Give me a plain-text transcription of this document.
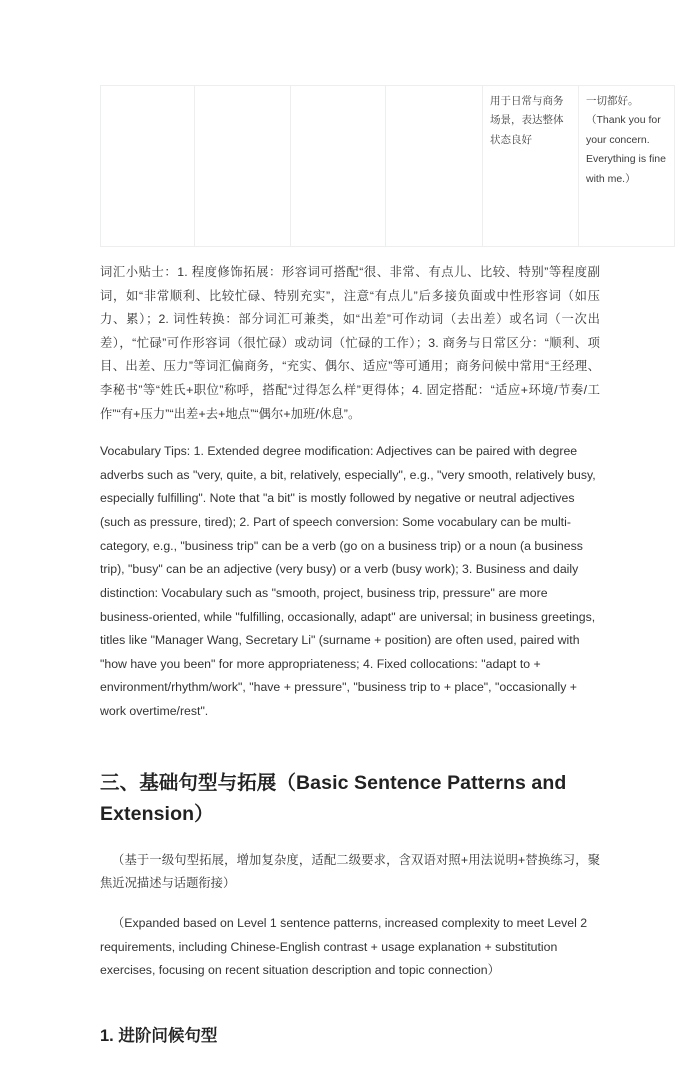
				用于日常与商务场景，表达整体状态良好	一切都好。（Thank you for your concern. Everything is fine with me.）

词汇小贴士：1. 程度修饰拓展：形容词可搭配“很、非常、有点儿、比较、特别”等程度副词，如“非常顺利、比较忙碌、特别充实”，注意“有点儿”后多接负面或中性形容词（如压力、累）；2. 词性转换：部分词汇可兼类，如“出差”可作动词（去出差）或名词（一次出差），“忙碌”可作形容词（很忙碌）或动词（忙碌的工作）；3. 商务与日常区分：“顺利、项目、出差、压力”等词汇偏商务，“充实、偶尔、适应”等可通用；商务问候中常用“王经理、李秘书”等“姓氏+职位”称呼，搭配“过得怎么样”更得体；4. 固定搭配：“适应+环境/节奏/工作”“有+压力”“出差+去+地点”“偶尔+加班/休息”。

Vocabulary Tips: 1. Extended degree modification: Adjectives can be paired with degree adverbs such as "very, quite, a bit, relatively, especially", e.g., "very smooth, relatively busy, especially fulfilling". Note that "a bit" is mostly followed by negative or neutral adjectives (such as pressure, tired); 2. Part of speech conversion: Some vocabulary can be multi-category, e.g., "business trip" can be a verb (go on a business trip) or a noun (a business trip), "busy" can be an adjective (very busy) or a verb (busy work); 3. Business and daily distinction: Vocabulary such as "smooth, project, business trip, pressure" are more business-oriented, while "fulfilling, occasionally, adapt" are universal; in business greetings, titles like "Manager Wang, Secretary Li" (surname + position) are often used, paired with "how have you been" for more appropriateness; 4. Fixed collocations: "adapt to + environment/rhythm/work", "have + pressure", "business trip to + place", "occasionally + work overtime/rest".

三、基础句型与拓展（Basic Sentence Patterns and Extension）

（基于一级句型拓展，增加复杂度，适配二级要求，含双语对照+用法说明+替换练习，聚焦近况描述与话题衔接）

（Expanded based on Level 1 sentence patterns, increased complexity to meet Level 2 requirements, including Chinese-English contrast + usage explanation + substitution exercises, focusing on recent situation description and topic connection）

1. 进阶问候句型
